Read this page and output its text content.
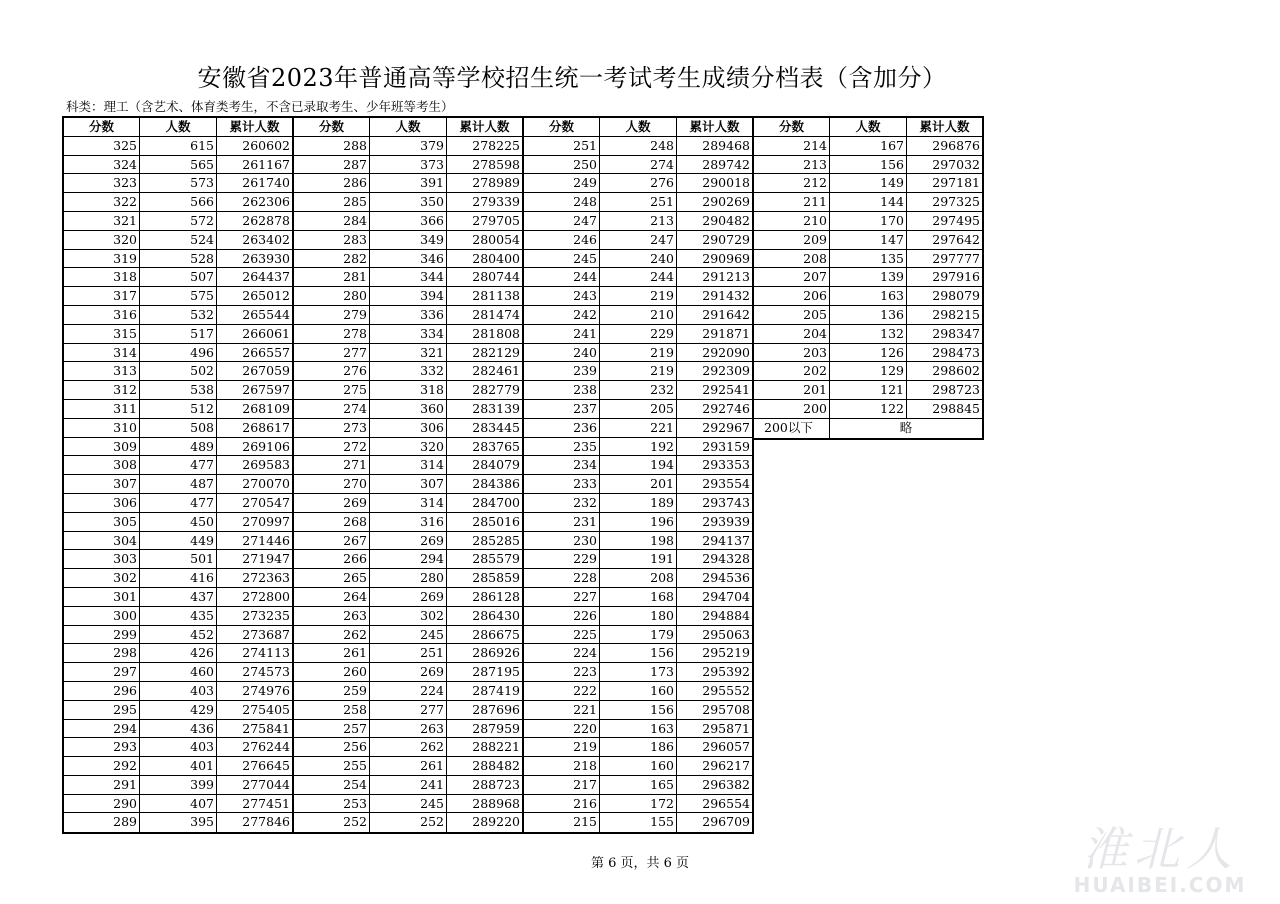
安徽省2023年普通高等学校招生统一考试考生成绩分档表（含加分）
科类：理工（含艺术、体育类考生，不含已录取考生、少年班等考生）
分数	人数	累计人数
325	615	260602
324	565	261167
323	573	261740
322	566	262306
321	572	262878
320	524	263402
319	528	263930
318	507	264437
317	575	265012
316	532	265544
315	517	266061
314	496	266557
313	502	267059
312	538	267597
311	512	268109
310	508	268617
309	489	269106
308	477	269583
307	487	270070
306	477	270547
305	450	270997
304	449	271446
303	501	271947
302	416	272363
301	437	272800
300	435	273235
299	452	273687
298	426	274113
297	460	274573
296	403	274976
295	429	275405
294	436	275841
293	403	276244
292	401	276645
291	399	277044
290	407	277451
289	395	277846
分数	人数	累计人数
288	379	278225
287	373	278598
286	391	278989
285	350	279339
284	366	279705
283	349	280054
282	346	280400
281	344	280744
280	394	281138
279	336	281474
278	334	281808
277	321	282129
276	332	282461
275	318	282779
274	360	283139
273	306	283445
272	320	283765
271	314	284079
270	307	284386
269	314	284700
268	316	285016
267	269	285285
266	294	285579
265	280	285859
264	269	286128
263	302	286430
262	245	286675
261	251	286926
260	269	287195
259	224	287419
258	277	287696
257	263	287959
256	262	288221
255	261	288482
254	241	288723
253	245	288968
252	252	289220
分数	人数	累计人数
251	248	289468
250	274	289742
249	276	290018
248	251	290269
247	213	290482
246	247	290729
245	240	290969
244	244	291213
243	219	291432
242	210	291642
241	229	291871
240	219	292090
239	219	292309
238	232	292541
237	205	292746
236	221	292967
235	192	293159
234	194	293353
233	201	293554
232	189	293743
231	196	293939
230	198	294137
229	191	294328
228	208	294536
227	168	294704
226	180	294884
225	179	295063
224	156	295219
223	173	295392
222	160	295552
221	156	295708
220	163	295871
219	186	296057
218	160	296217
217	165	296382
216	172	296554
215	155	296709
分数	人数	累计人数
214	167	296876
213	156	297032
212	149	297181
211	144	297325
210	170	297495
209	147	297642
208	135	297777
207	139	297916
206	163	298079
205	136	298215
204	132	298347
203	126	298473
202	129	298602
201	121	298723
200	122	298845
200以下	略
第 6 页，共 6 页	淮北人
HUAIBEI.COM
